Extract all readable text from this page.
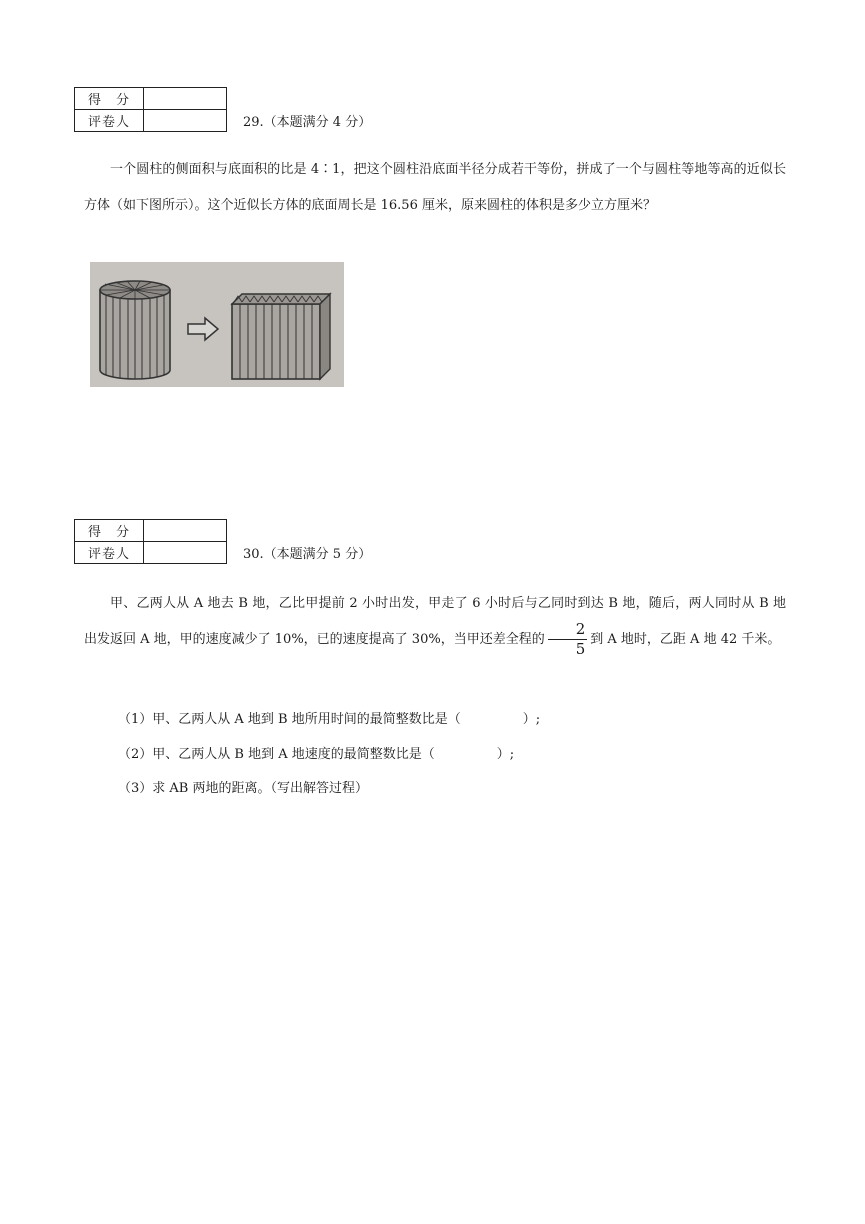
得　分	
评卷人		29.（本题满分 4 分）
一个圆柱的侧面积与底面积的比是 4∶1，把这个圆柱沿底面半径分成若干等份，拼成了一个与圆柱等地等高的近似长方体（如下图所示）。这个近似长方体的底面周长是 16.56 厘米，原来圆柱的体积是多少立方厘米？
得　分	
评卷人		30.（本题满分 5 分）
甲、乙两人从 A 地去 B 地，乙比甲提前 2 小时出发，甲走了 6 小时后与乙同时到达 B 地，随后，两人同时从 B 地出发返回 A 地，甲的速度减少了 10%，已的速度提高了 30%，当甲还差全程的 $\frac{2}{5}$ 到 A 地时，乙距 A 地 42 千米。
（1）甲、乙两人从 A 地到 B 地所用时间的最简整数比是（	）;
（2）甲、乙两人从 B 地到 A 地速度的最简整数比是（	）;
（3）求 AB 两地的距离。（写出解答过程）
